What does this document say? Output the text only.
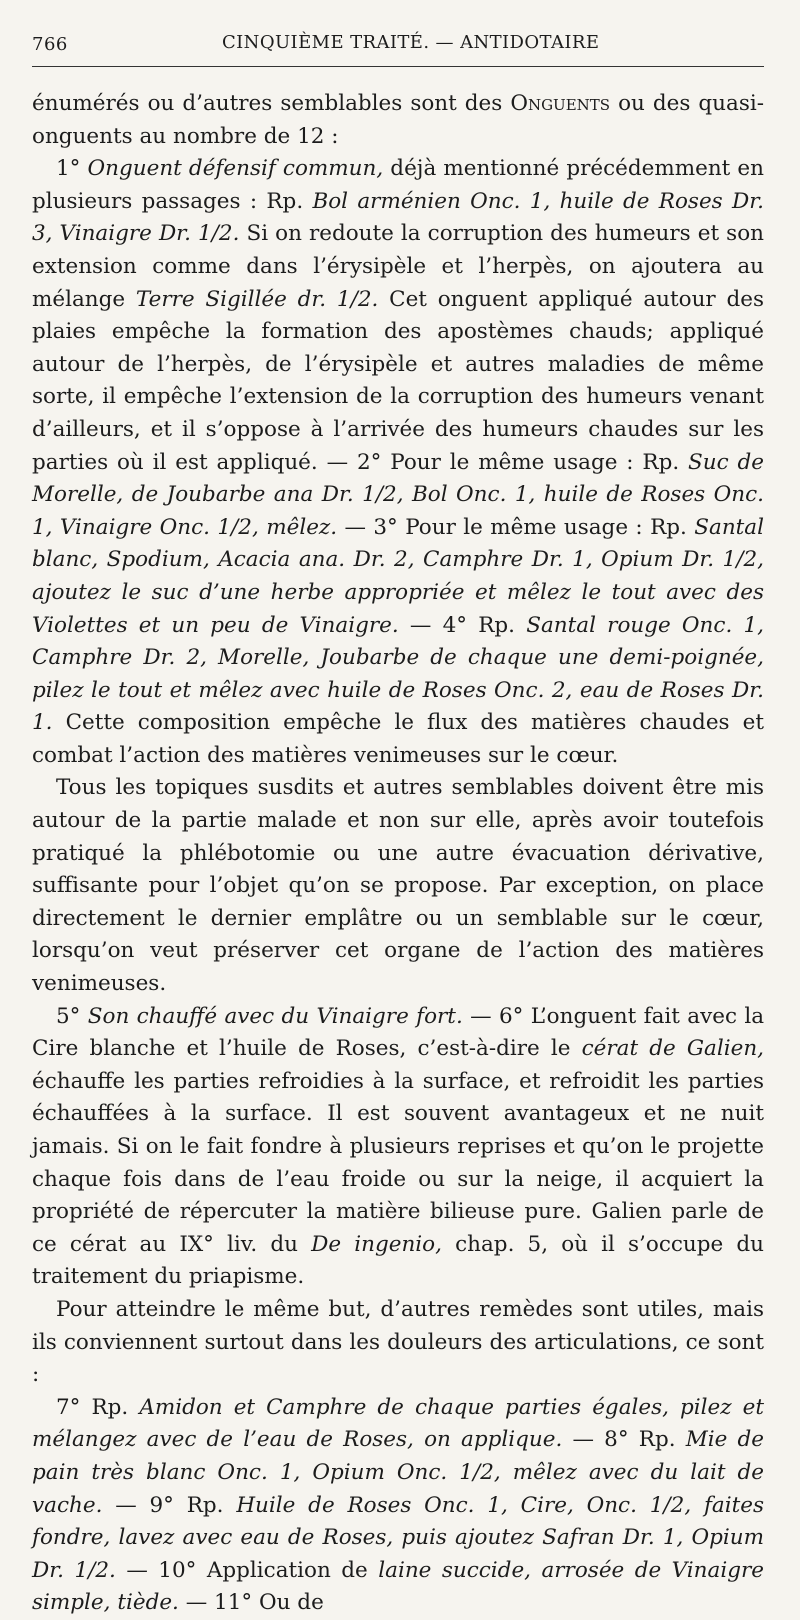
766	CINQUIÈME TRAITÉ. — ANTIDOTAIRE

énumérés ou d’autres semblables sont des Onguents ou des quasi-onguents au nombre de 12 :

1° Onguent défensif commun, déjà mentionné précédemment en plusieurs passages : Rp. Bol arménien Onc. 1, huile de Roses Dr. 3, Vinaigre Dr. 1/2. Si on redoute la corruption des humeurs et son extension comme dans l’érysipèle et l’herpès, on ajoutera au mélange Terre Sigillée dr. 1/2. Cet onguent appliqué autour des plaies empêche la formation des apostèmes chauds; appliqué autour de l’herpès, de l’érysipèle et autres maladies de même sorte, il empêche l’extension de la corruption des humeurs venant d’ailleurs, et il s’oppose à l’arrivée des humeurs chaudes sur les parties où il est appliqué. — 2° Pour le même usage : Rp. Suc de Morelle, de Joubarbe ana Dr. 1/2, Bol Onc. 1, huile de Roses Onc. 1, Vinaigre Onc. 1/2, mêlez. — 3° Pour le même usage : Rp. Santal blanc, Spodium, Acacia ana. Dr. 2, Camphre Dr. 1, Opium Dr. 1/2, ajoutez le suc d’une herbe appropriée et mêlez le tout avec des Violettes et un peu de Vinaigre. — 4° Rp. Santal rouge Onc. 1, Camphre Dr. 2, Morelle, Joubarbe de chaque une demi-poignée, pilez le tout et mêlez avec huile de Roses Onc. 2, eau de Roses Dr. 1. Cette composition empêche le flux des matières chaudes et combat l’action des matières venimeuses sur le cœur.

Tous les topiques susdits et autres semblables doivent être mis autour de la partie malade et non sur elle, après avoir toutefois pratiqué la phlébotomie ou une autre évacuation dérivative, suffisante pour l’objet qu’on se propose. Par exception, on place directement le dernier emplâtre ou un semblable sur le cœur, lorsqu’on veut préserver cet organe de l’action des matières venimeuses.

5° Son chauffé avec du Vinaigre fort. — 6° L’onguent fait avec la Cire blanche et l’huile de Roses, c’est-à-dire le cérat de Galien, échauffe les parties refroidies à la surface, et refroidit les parties échauffées à la surface. Il est souvent avantageux et ne nuit jamais. Si on le fait fondre à plusieurs reprises et qu’on le projette chaque fois dans de l’eau froide ou sur la neige, il acquiert la propriété de répercuter la matière bilieuse pure. Galien parle de ce cérat au IX° liv. du De ingenio, chap. 5, où il s’occupe du traitement du priapisme.

Pour atteindre le même but, d’autres remèdes sont utiles, mais ils conviennent surtout dans les douleurs des articulations, ce sont :

7° Rp. Amidon et Camphre de chaque parties égales, pilez et mélangez avec de l’eau de Roses, on applique. — 8° Rp. Mie de pain très blanc Onc. 1, Opium Onc. 1/2, mêlez avec du lait de vache. — 9° Rp. Huile de Roses Onc. 1, Cire, Onc. 1/2, faites fondre, lavez avec eau de Roses, puis ajoutez Safran Dr. 1, Opium Dr. 1/2. — 10° Application de laine succide, arrosée de Vinaigre simple, tiède. — 11° Ou de
